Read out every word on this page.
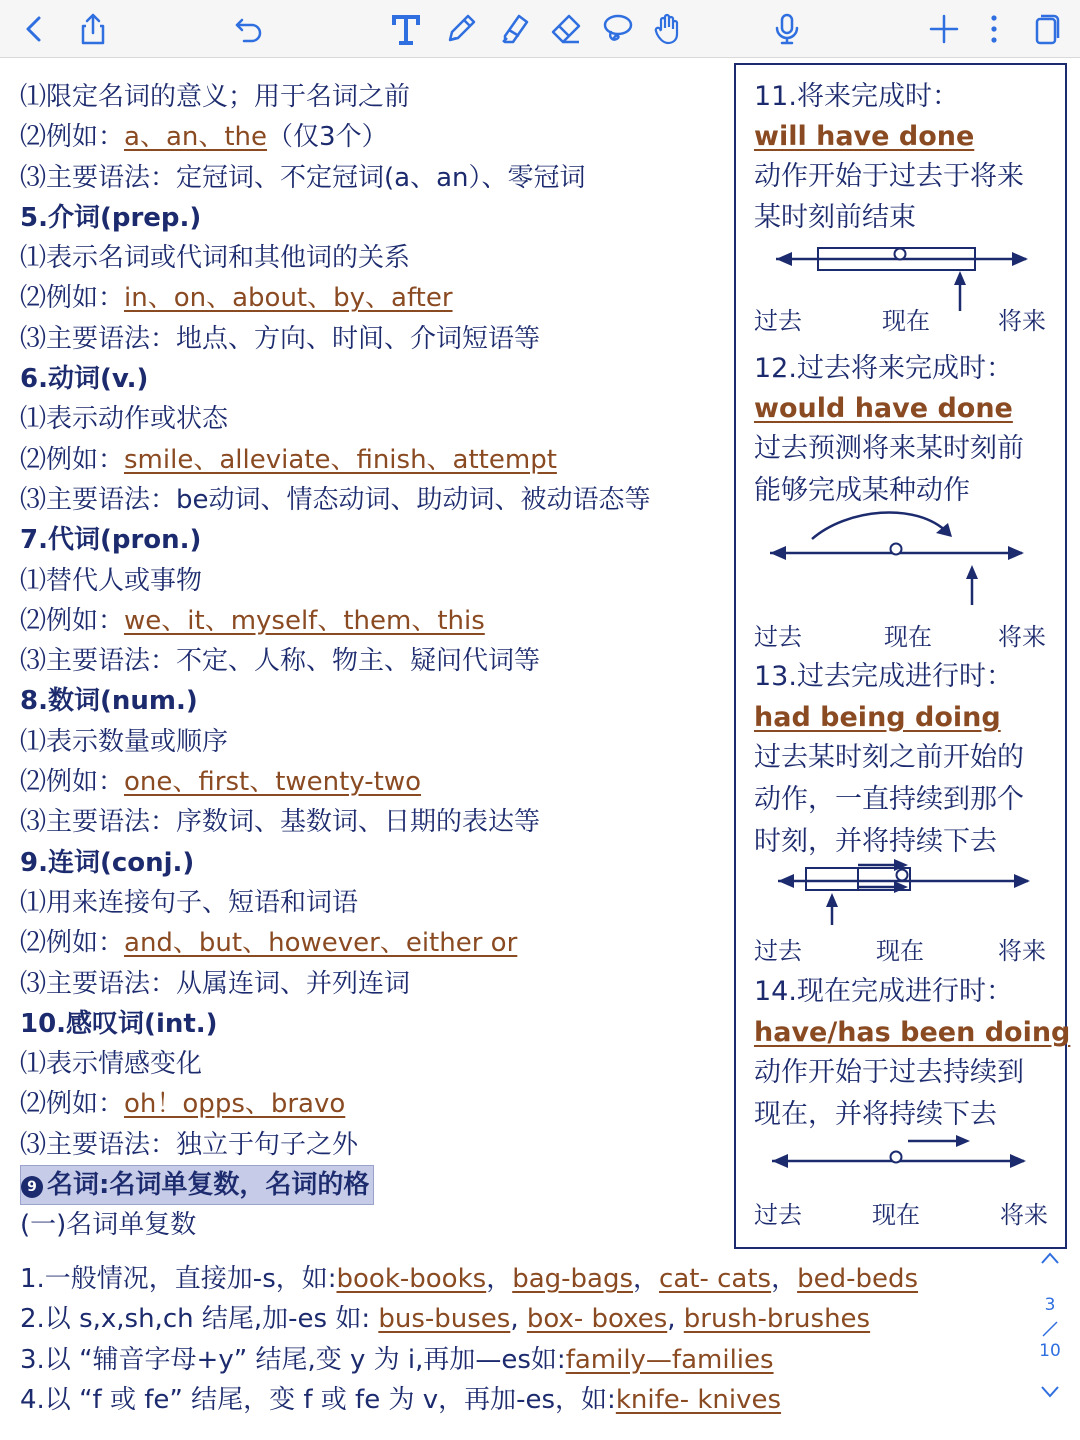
⑴限定名词的意义；用于名词之前
⑵例如：a、an、the（仅3个）
⑶主要语法：定冠词、不定冠词(a、an）、零冠词
5.介词(prep.)
⑴表示名词或代词和其他词的关系
⑵例如：in、on、about、by、after
⑶主要语法：地点、方向、时间、介词短语等
6.动词(v.)
⑴表示动作或状态
⑵例如：smile、alleviate、finish、attempt
⑶主要语法：be动词、情态动词、助动词、被动语态等
7.代词(pron.)
⑴替代人或事物
⑵例如：we、it、myself、them、this
⑶主要语法：不定、人称、物主、疑问代词等
8.数词(num.)
⑴表示数量或顺序
⑵例如：one、first、twenty-two
⑶主要语法：序数词、基数词、日期的表达等
9.连词(conj.)
⑴用来连接句子、短语和词语
⑵例如：and、but、however、either or
⑶主要语法：从属连词、并列连词
10.感叹词(int.)
⑴表示情感变化
⑵例如：oh！opps、bravo
⑶主要语法：独立于句子之外
9 名词:名词单复数，名词的格
(一)名词单复数
11.将来完成时：
will have done
动作开始于过去于将来
某时刻前结束
过去	现在	将来
12.过去将来完成时：
would have done
过去预测将来某时刻前
能够完成某种动作
过去	现在	将来
13.过去完成进行时：
had being doing
过去某时刻之前开始的
动作，一直持续到那个
时刻，并将持续下去
过去	现在	将来
14.现在完成进行时：
have/has been doing
动作开始于过去持续到
现在，并将持续下去
过去	现在	将来
1.一般情况，直接加-s，如:book-books，bag-bags，cat- cats，bed-beds
2.以 s,x,sh,ch 结尾,加-es 如: bus-buses, box- boxes, brush-brushes
3.以 “辅音字母+y” 结尾,变 y 为 i,再加—es如:family—families
4.以 “f 或 fe” 结尾，变 f 或 fe 为 v，再加-es，如:knife- knives
3
10
